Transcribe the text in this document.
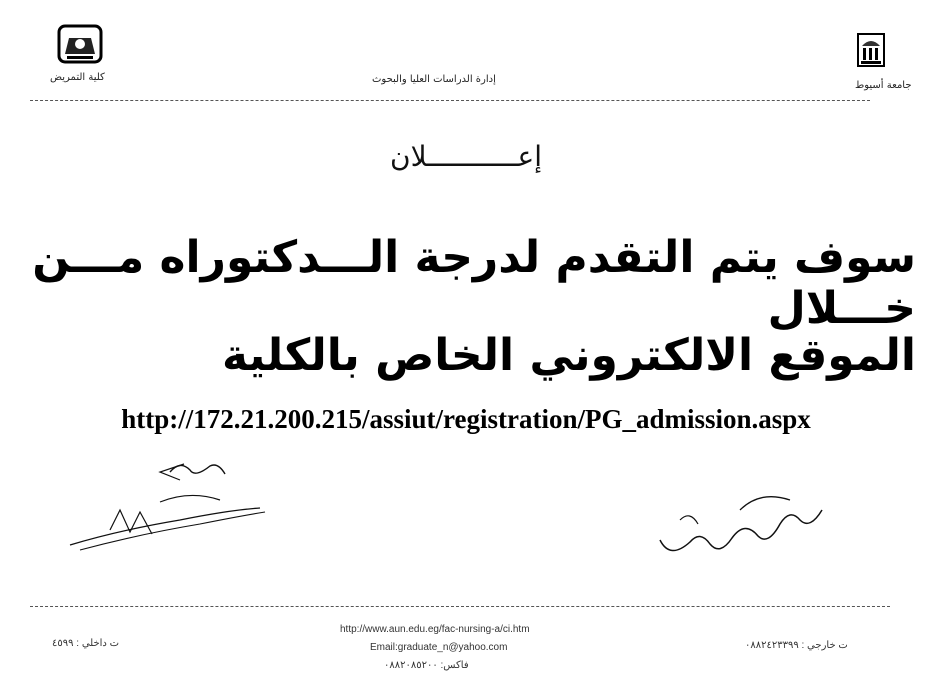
كلية التمريض	إدارة الدراسات العليا والبحوث
جامعة أسيوط
إعـــــــــــلان
سوف يتم التقدم لدرجة الـــدكتوراه مـــن خـــلال
الموقع الالكتروني الخاص بالكلية
http://172.21.200.215/assiut/registration/PG_admission.aspx
ت داخلي : ٤٥٩٩
http://www.aun.edu.eg/fac-nursing-a/ci.htm
Email:graduate_n@yahoo.com
فاكس: ٠٨٨٢٠٨٥٢٠٠
ت خارجي : ٠٨٨٢٤٢٣٣٩٩
